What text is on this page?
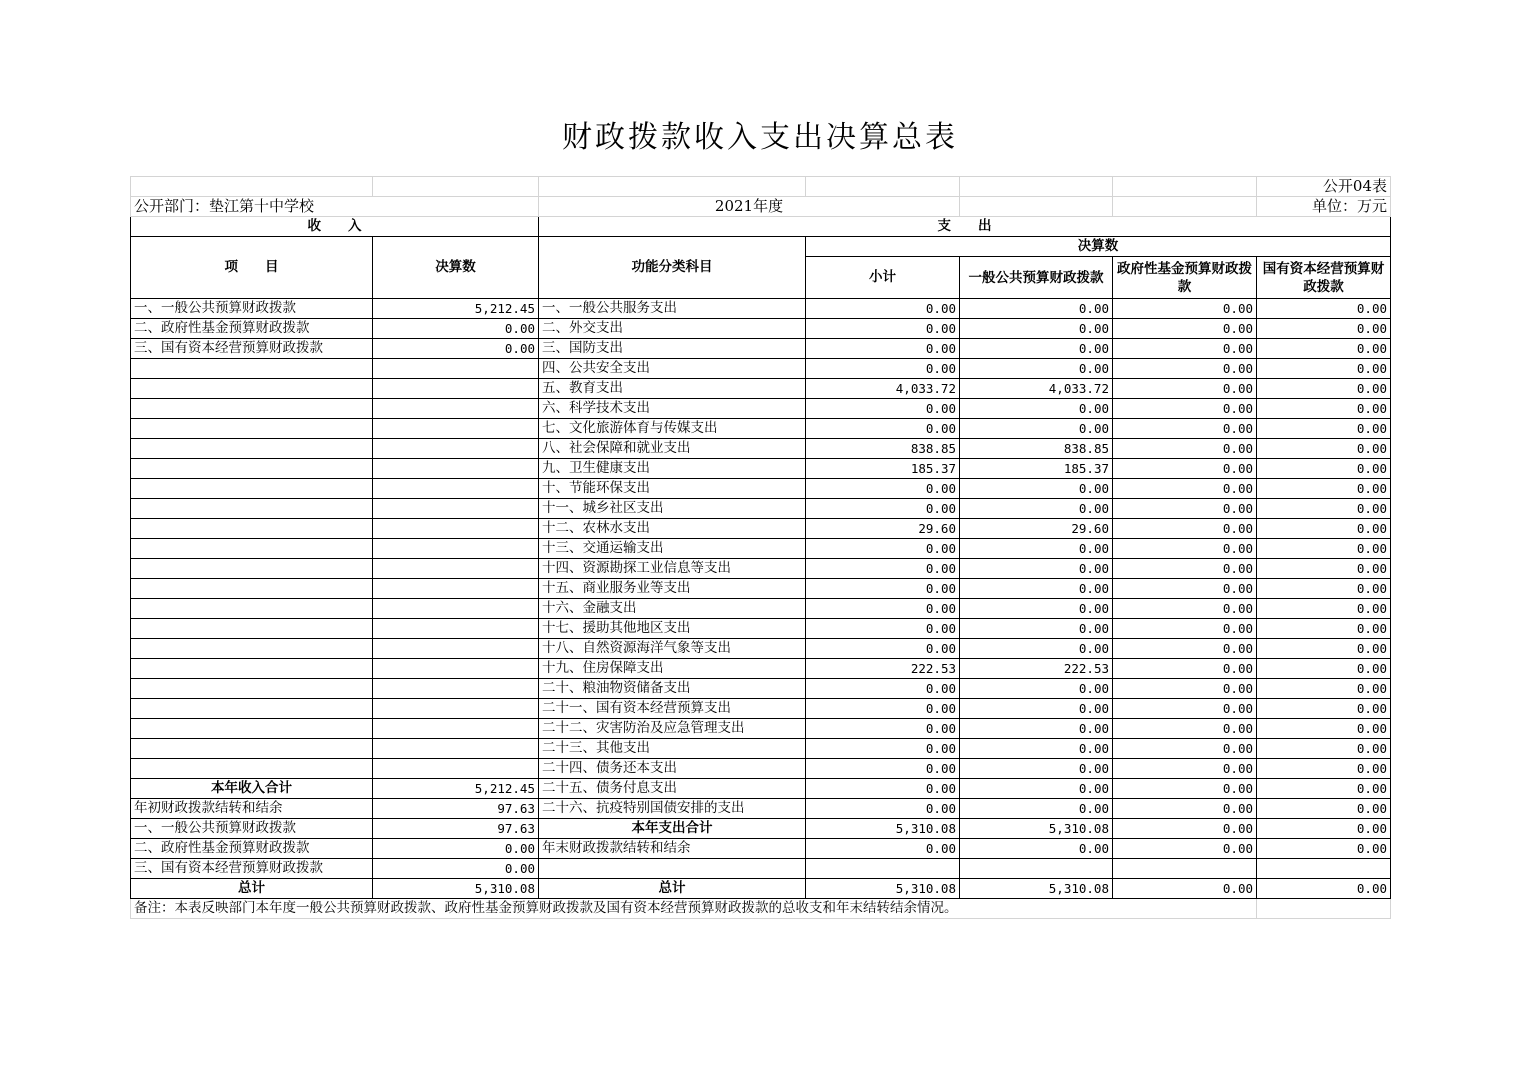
财政拨款收入支出决算总表
						公开04表
公开部门：垫江第十中学校		2021年度				单位：万元
收　　入		支　　出				
项　　目	决算数	功能分类科目	决算数			
			小计	一般公共预算财政拨款	政府性基金预算财政拨款	国有资本经营预算财政拨款

一、一般公共预算财政拨款	5,212.45	一、一般公共服务支出	0.00	0.00	0.00	0.00
二、政府性基金预算财政拨款	0.00	二、外交支出	0.00	0.00	0.00	0.00
三、国有资本经营预算财政拨款	0.00	三、国防支出	0.00	0.00	0.00	0.00
		四、公共安全支出	0.00	0.00	0.00	0.00
		五、教育支出	4,033.72	4,033.72	0.00	0.00
		六、科学技术支出	0.00	0.00	0.00	0.00
		七、文化旅游体育与传媒支出	0.00	0.00	0.00	0.00
		八、社会保障和就业支出	838.85	838.85	0.00	0.00
		九、卫生健康支出	185.37	185.37	0.00	0.00
		十、节能环保支出	0.00	0.00	0.00	0.00
		十一、城乡社区支出	0.00	0.00	0.00	0.00
		十二、农林水支出	29.60	29.60	0.00	0.00
		十三、交通运输支出	0.00	0.00	0.00	0.00
		十四、资源勘探工业信息等支出	0.00	0.00	0.00	0.00
		十五、商业服务业等支出	0.00	0.00	0.00	0.00
		十六、金融支出	0.00	0.00	0.00	0.00
		十七、援助其他地区支出	0.00	0.00	0.00	0.00
		十八、自然资源海洋气象等支出	0.00	0.00	0.00	0.00
		十九、住房保障支出	222.53	222.53	0.00	0.00
		二十、粮油物资储备支出	0.00	0.00	0.00	0.00
		二十一、国有资本经营预算支出	0.00	0.00	0.00	0.00
		二十二、灾害防治及应急管理支出	0.00	0.00	0.00	0.00
		二十三、其他支出	0.00	0.00	0.00	0.00
		二十四、债务还本支出	0.00	0.00	0.00	0.00
本年收入合计	5,212.45	二十五、债务付息支出	0.00	0.00	0.00	0.00
年初财政拨款结转和结余	97.63	二十六、抗疫特别国债安排的支出	0.00	0.00	0.00	0.00
一、一般公共预算财政拨款	97.63	本年支出合计	5,310.08	5,310.08	0.00	0.00
二、政府性基金预算财政拨款	0.00	年末财政拨款结转和结余	0.00	0.00	0.00	0.00
三、国有资本经营预算财政拨款	0.00					
总计	5,310.08	总计	5,310.08	5,310.08	0.00	0.00
备注：本表反映部门本年度一般公共预算财政拨款、政府性基金预算财政拨款及国有资本经营预算财政拨款的总收支和年末结转结余情况。						
